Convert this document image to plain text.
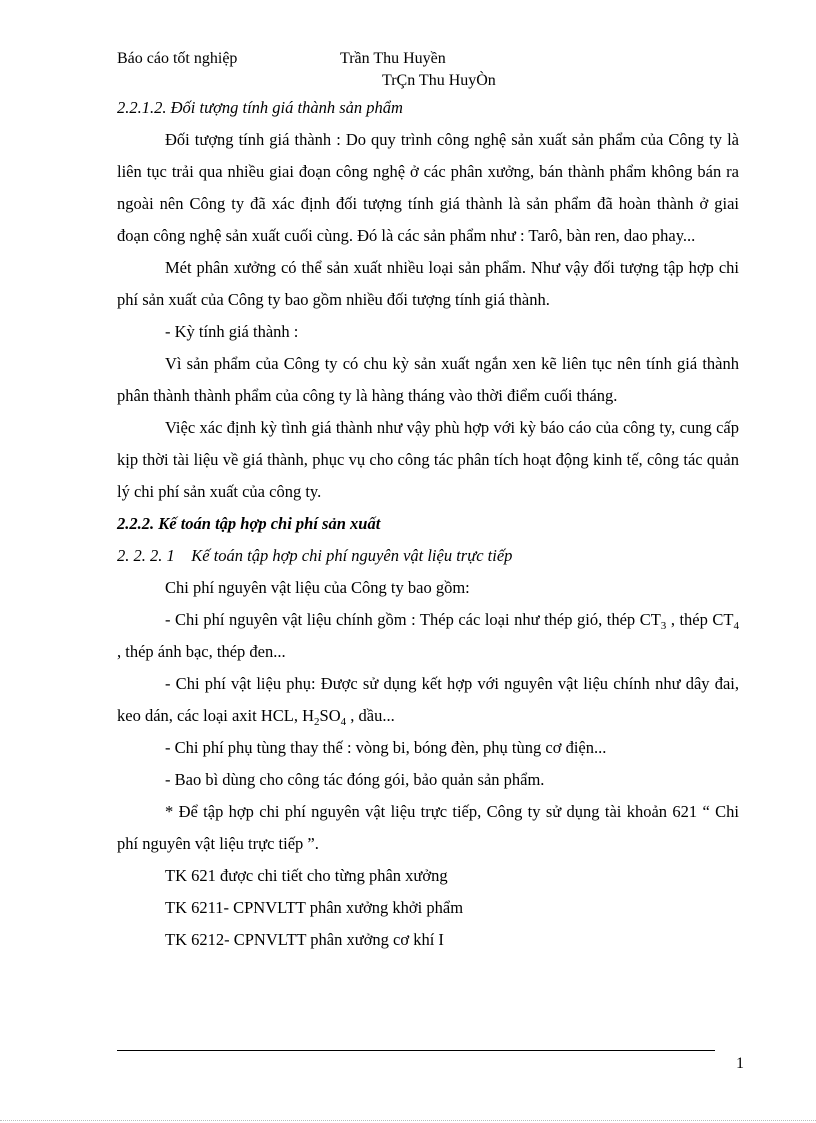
Báo cáo tốt nghiệp	Trần Thu Huyền
TrÇn Thu HuyÒn

2.2.1.2. Đối tượng tính giá thành sản phẩm

Đối tượng tính giá thành : Do quy trình công nghệ sản xuất sản phẩm của Công ty là liên tục trải qua nhiều giai đoạn công nghệ ở các phân xưởng, bán thành phẩm không bán ra ngoài nên Công ty đã xác định đối tượng tính giá thành là sản phẩm đã hoàn thành ở giai đoạn công nghệ sản xuất cuối cùng. Đó là các sản phẩm như : Tarô, bàn ren, dao phay...

Mét phân xưởng có thể sản xuất nhiều loại sản phẩm. Như vậy đối tượng tập hợp chi phí sản xuất của Công ty bao gồm nhiều đối tượng tính giá thành.

- Kỳ tính giá thành :

Vì sản phẩm của Công ty có chu kỳ sản xuất ngắn xen kẽ liên tục nên tính giá thành phân thành thành phẩm của công ty là hàng tháng vào thời điểm cuối tháng.

Việc xác định kỳ tình giá thành như vậy phù hợp với kỳ báo cáo của công ty, cung cấp kịp thời tài liệu về giá thành, phục vụ cho công tác phân tích hoạt động kinh tế, công tác quản lý chi phí sản xuất của công ty.

2.2.2. Kế toán tập hợp chi phí sản xuất

2. 2. 2. 1    Kế toán tập hợp chi phí nguyên vật liệu trực tiếp

Chi phí nguyên vật liệu của Công ty bao gồm:

- Chi phí nguyên vật liệu chính gồm : Thép các loại như thép gió, thép $CT_3$ , thép $CT_4$ , thép ánh bạc, thép đen...

- Chi phí vật liệu phụ: Được sử dụng kết hợp với nguyên vật liệu chính như dây đai, keo dán, các loại axit HCL, $H_2SO_4$ , dầu...

- Chi phí phụ tùng thay thế : vòng bi, bóng đèn, phụ tùng cơ điện...

- Bao bì dùng cho công tác đóng gói, bảo quản sản phẩm.

* Để tập hợp chi phí nguyên vật liệu trực tiếp, Công ty sử dụng tài khoản 621 “ Chi phí nguyên vật liệu trực tiếp ”.

TK 621 được chi tiết cho từng phân xưởng

TK 6211- CPNVLTT phân xưởng khởi phẩm

TK 6212- CPNVLTT phân xưởng cơ khí I

1
